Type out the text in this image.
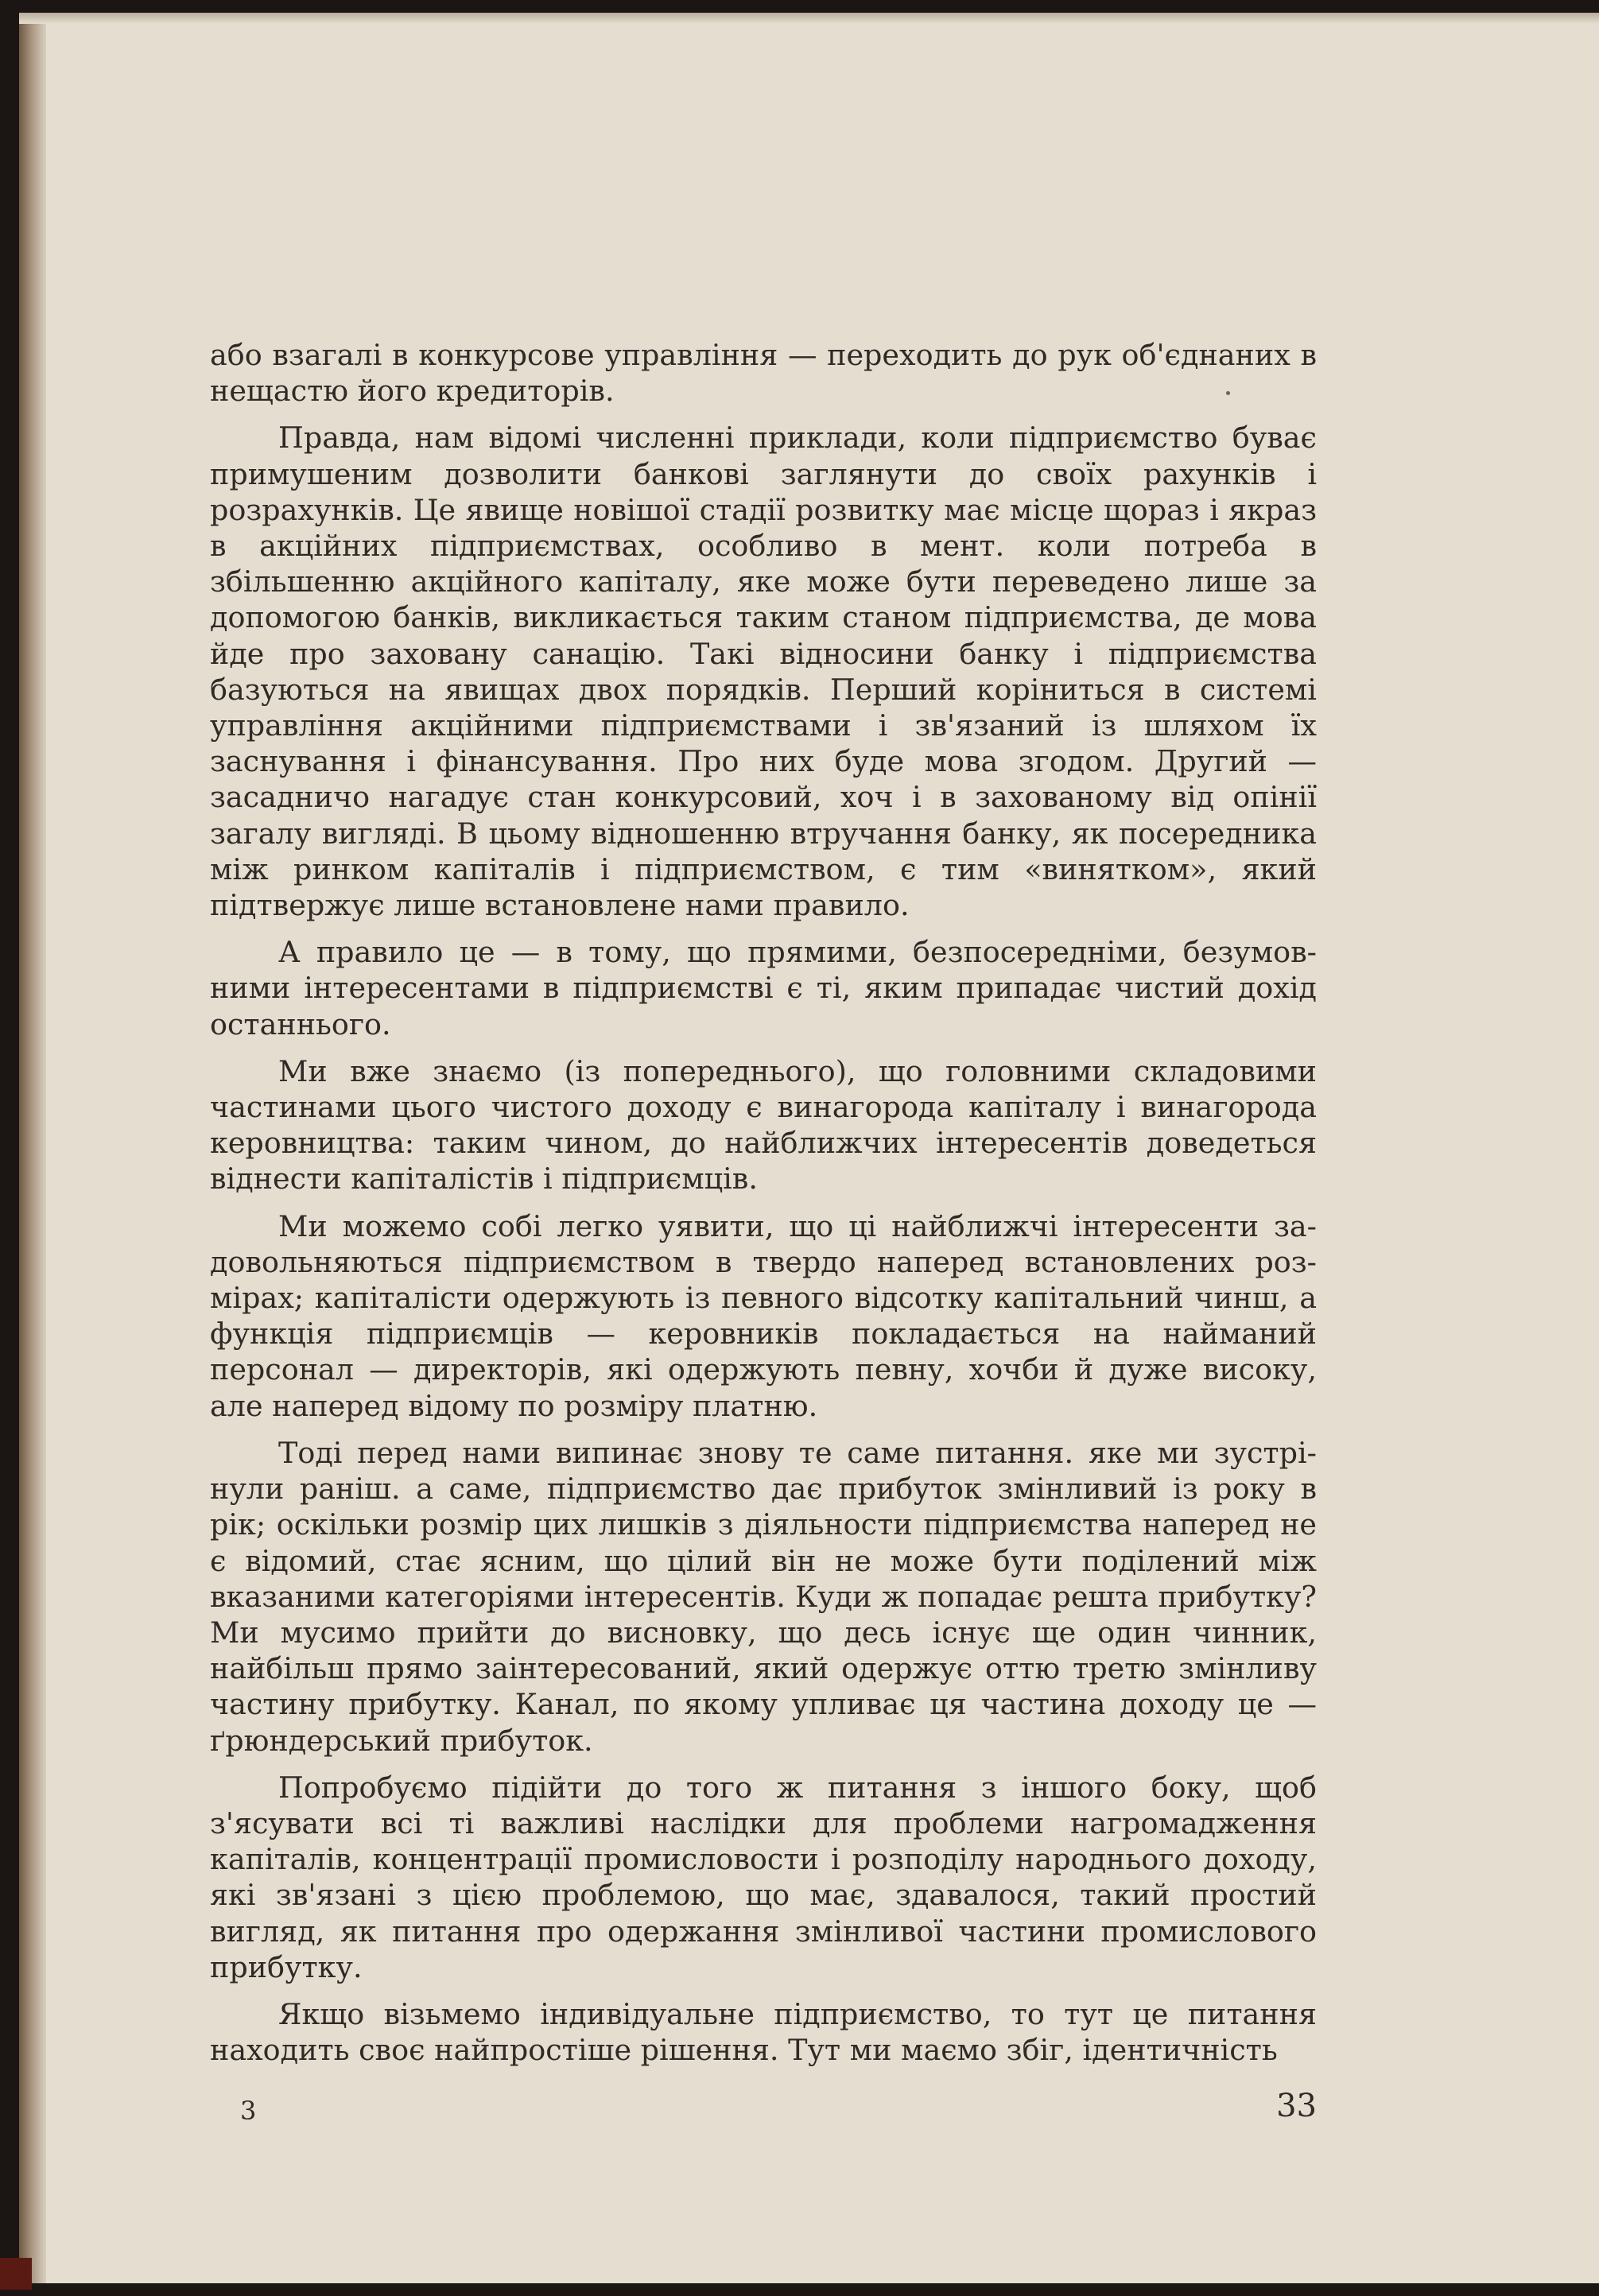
або взагалі в конкурсове управління — переходить до рук об'єднаних в нещастю його кредиторів.

Правда, нам відомі численні приклади, коли підприємство буває примушеним дозволити банкові заглянути до своїх рахунків і розрахунків. Це явище новішої стадії розвитку має місце щораз і якраз в акційних підприємствах, особливо в мент. коли потреба в збільшенню акційного капіталу, яке може бути переведено лише за допомогою банків, викликається таким станом підприємства, де мова йде про заховану санацію. Такі відносини банку і підприємства базуються на явищах двох порядків. Перший коріниться в системі управління акційними підприємствами і зв'язаний із шляхом їх заснування і фінансування. Про них буде мова згодом. Другий — засадничо нагадує стан конкурсовий, хоч і в захованому від опінії загалу вигляді. В цьому відношенню втручання банку, як посередника між ринком капіталів і підприємством, є тим «винятком», який підтвержує лише встановлене нами правило.

А правило це — в тому, що прямими, безпосередніми, безумовними інтересентами в підприємстві є ті, яким припадає чистий дохід останнього.

Ми вже знаємо (із попереднього), що головними складовими частинами цього чистого доходу є винагорода капіталу і винагорода керовництва: таким чином, до найближчих інтересентів доведеться віднести капіталістів і підприємців.

Ми можемо собі легко уявити, що ці найближчі інтересенти задовольняються підприємством в твердо наперед встановлених розмірах; капіталісти одержують із певного відсотку капітальний чинш, а функція підприємців — керовників покладається на найманий персонал — директорів, які одержують певну, хочби й дуже високу, але наперед відому по розміру платню.

Тоді перед нами випинає знову те саме питання. яке ми зустрінули раніш. а саме, підприємство дає прибуток змінливий із року в рік; оскільки розмір цих лишків з діяльности підприємства наперед не є відомий, стає ясним, що цілий він не може бути поділений між вказаними категоріями інтересентів. Куди ж попадає решта прибутку? Ми мусимо прийти до висновку, що десь існує ще один чинник, найбільш прямо заінтересований, який одержує оттю третю змінливу частину прибутку. Канал, по якому упливає ця частина доходу це — ґрюндерський прибуток.

Попробуємо підійти до того ж питання з іншого боку, щоб з'ясувати всі ті важливі наслідки для проблеми нагромадження капіталів, концентрації промисловости і розподілу народнього доходу, які зв'язані з цією проблемою, що має, здавалося, такий простий вигляд, як питання про одержання змінливої частини промислового прибутку.

Якщо візьмемо індивідуальне підприємство, то тут це питання находить своє найпростіше рішення. Тут ми маємо збіг, ідентичність

3	33
